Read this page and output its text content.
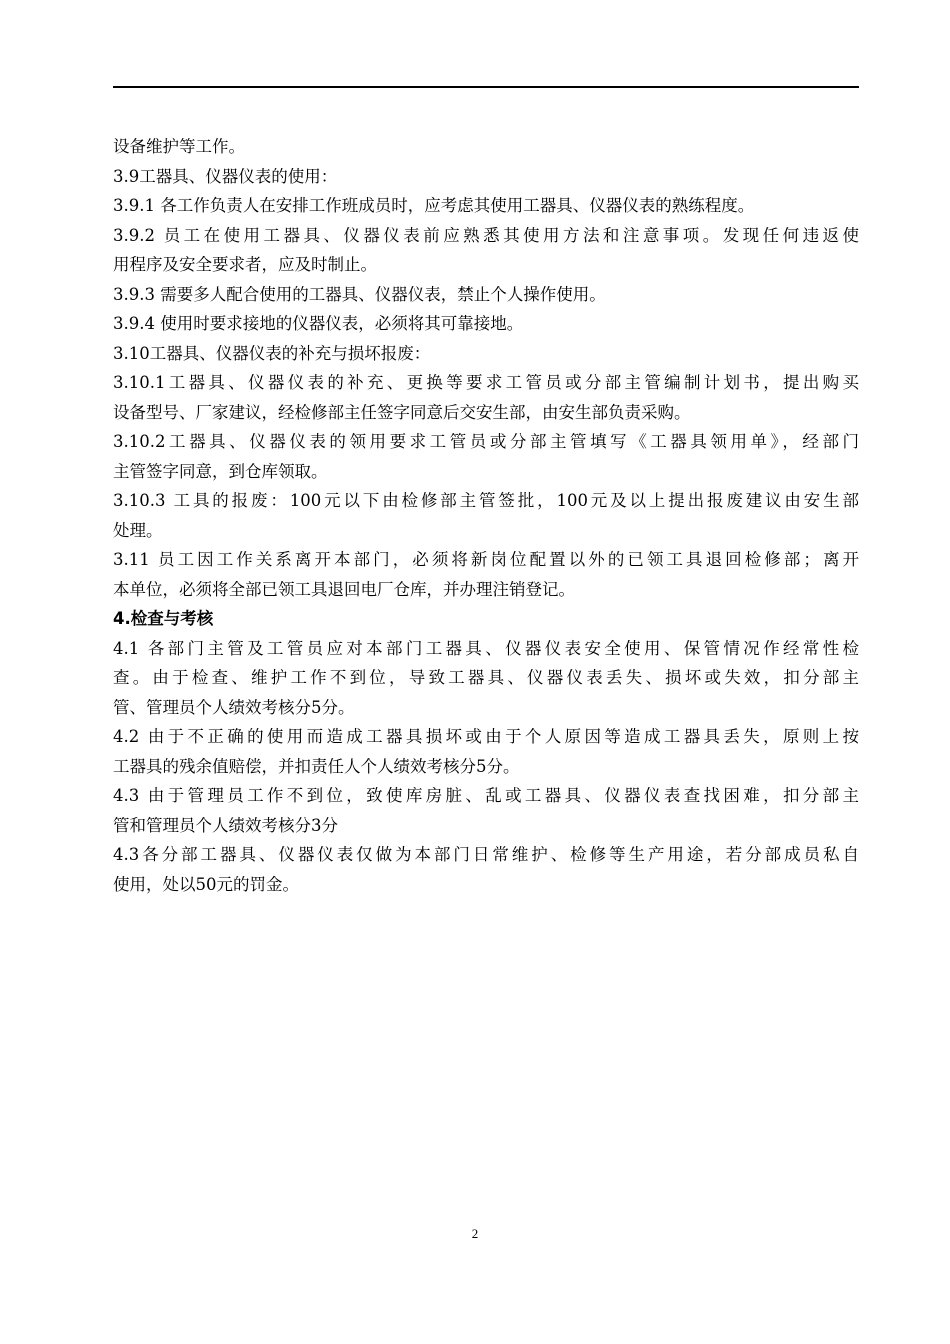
设备维护等工作。
3.9工器具、仪器仪表的使用：
3.9.1 各工作负责人在安排工作班成员时，应考虑其使用工器具、仪器仪表的熟练程度。
3.9.2 员工在使用工器具、仪器仪表前应熟悉其使用方法和注意事项。发现任何违返使
用程序及安全要求者，应及时制止。
3.9.3 需要多人配合使用的工器具、仪器仪表，禁止个人操作使用。
3.9.4 使用时要求接地的仪器仪表，必须将其可靠接地。
3.10工器具、仪器仪表的补充与损坏报废：
3.10.1工器具、仪器仪表的补充、更换等要求工管员或分部主管编制计划书，提出购买
设备型号、厂家建议，经检修部主任签字同意后交安生部，由安生部负责采购。
3.10.2工器具、仪器仪表的领用要求工管员或分部主管填写《工器具领用单》，经部门
主管签字同意，到仓库领取。
3.10.3 工具的报废：100元以下由检修部主管签批，100元及以上提出报废建议由安生部
处理。
3.11 员工因工作关系离开本部门，必须将新岗位配置以外的已领工具退回检修部；离开
本单位，必须将全部已领工具退回电厂仓库，并办理注销登记。
4.检查与考核
4.1 各部门主管及工管员应对本部门工器具、仪器仪表安全使用、保管情况作经常性检
查。由于检查、维护工作不到位，导致工器具、仪器仪表丢失、损坏或失效，扣分部主
管、管理员个人绩效考核分5分。
4.2 由于不正确的使用而造成工器具损坏或由于个人原因等造成工器具丢失，原则上按
工器具的残余值赔偿，并扣责任人个人绩效考核分5分。
4.3 由于管理员工作不到位，致使库房脏、乱或工器具、仪器仪表查找困难，扣分部主
管和管理员个人绩效考核分3分
4.3各分部工器具、仪器仪表仅做为本部门日常维护、检修等生产用途，若分部成员私自
使用，处以50元的罚金。
2
